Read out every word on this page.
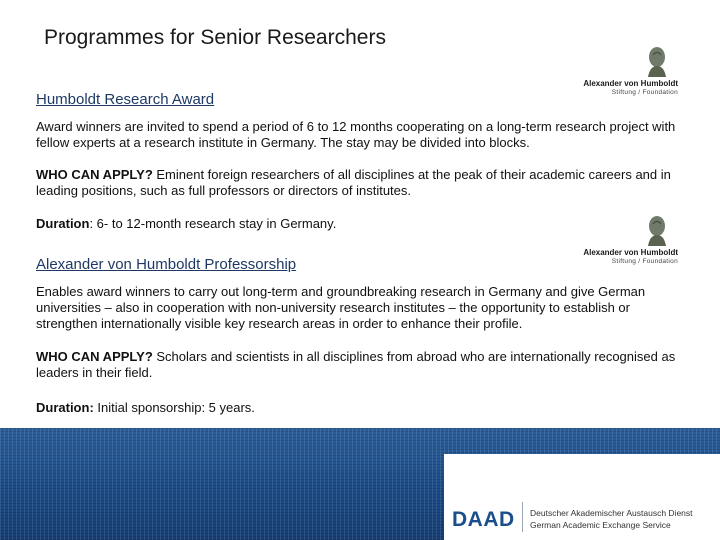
Programmes for Senior Researchers
Alexander von Humboldt
Stiftung / Foundation
Humboldt Research Award
Award winners are invited to spend a period of 6 to 12 months cooperating on a long-term research project with fellow experts at a research institute in Germany. The stay may be divided into blocks.
WHO CAN APPLY? Eminent foreign researchers of all disciplines at the peak of their academic careers and in leading positions, such as full professors or directors of institutes.
Duration: 6- to 12-month research stay in Germany.
Alexander von Humboldt
Stiftung / Foundation
Alexander von Humboldt Professorship
Enables award winners to carry out long-term and groundbreaking research in Germany and give German universities – also in cooperation with non-university research institutes – the opportunity to establish or strengthen internationally visible key research areas in order to enhance their profile.
WHO CAN APPLY? Scholars and scientists in all disciplines from abroad who are internationally recognised as leaders in their field.
Duration: Initial sponsorship: 5 years.
DAAD Deutscher Akademischer Austausch Dienst
German Academic Exchange Service
